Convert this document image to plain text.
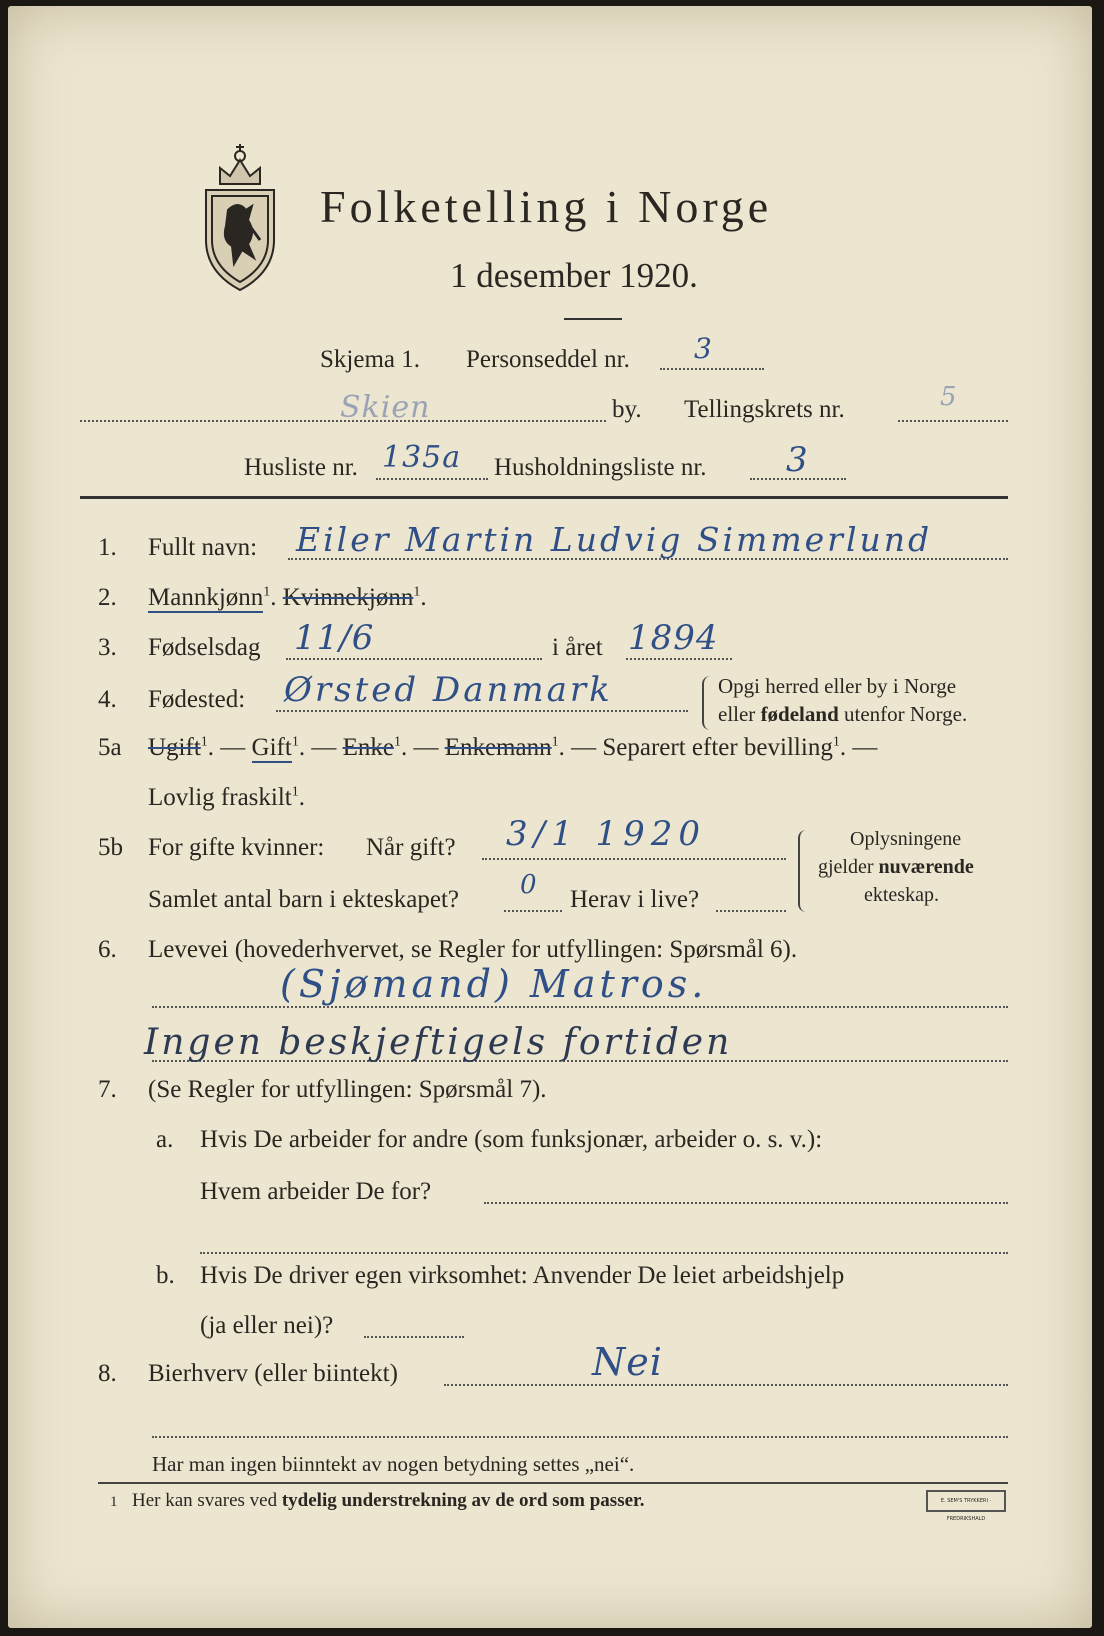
Folketelling i Norge
1 desember 1920.
Skjema 1. Personseddel nr. 3
Skien	by. Tellingskrets nr.	5
Husliste nr. 135a Husholdningsliste nr. 3
1. Fullt navn: Eiler Martin Ludvig Simmerlund
2. Mannkjønn$^1$. Kvinnekjønn$^1$.
3. Fødselsdag 11/6	i året 1894
4. Fødested: Ørsted Danmark	Opgi herred eller by i Norge
eller fødeland utenfor Norge.
5a Ugift$^1$. — Gift$^1$. — Enke$^1$. — Enkemann$^1$. — Separert efter bevilling$^1$. —
Lovlig fraskilt$^1$.
5b For gifte kvinner: Når gift? 3/1 1920
Samlet antal barn i ekteskapet? 0 Herav i live?
Oplysningene
gjelder nuværende
ekteskap.
6. Levevei (hovederhvervet, se Regler for utfyllingen: Spørsmål 6).
(Sjømand) Matros.
Ingen beskjeftigels fortiden
7. (Se Regler for utfyllingen: Spørsmål 7).
a. Hvis De arbeider for andre (som funksjonær, arbeider o. s. v.):
Hvem arbeider De for?
b. Hvis De driver egen virksomhet: Anvender De leiet arbeidshjelp
(ja eller nei)?
8. Bierhverv (eller biintekt)	Nei
Har man ingen biinntekt av nogen betydning settes „nei“.
1 Her kan svares ved tydelig understrekning av de ord som passer.	E. SEM'S TRYKKERI · FREDRIKSHALD
